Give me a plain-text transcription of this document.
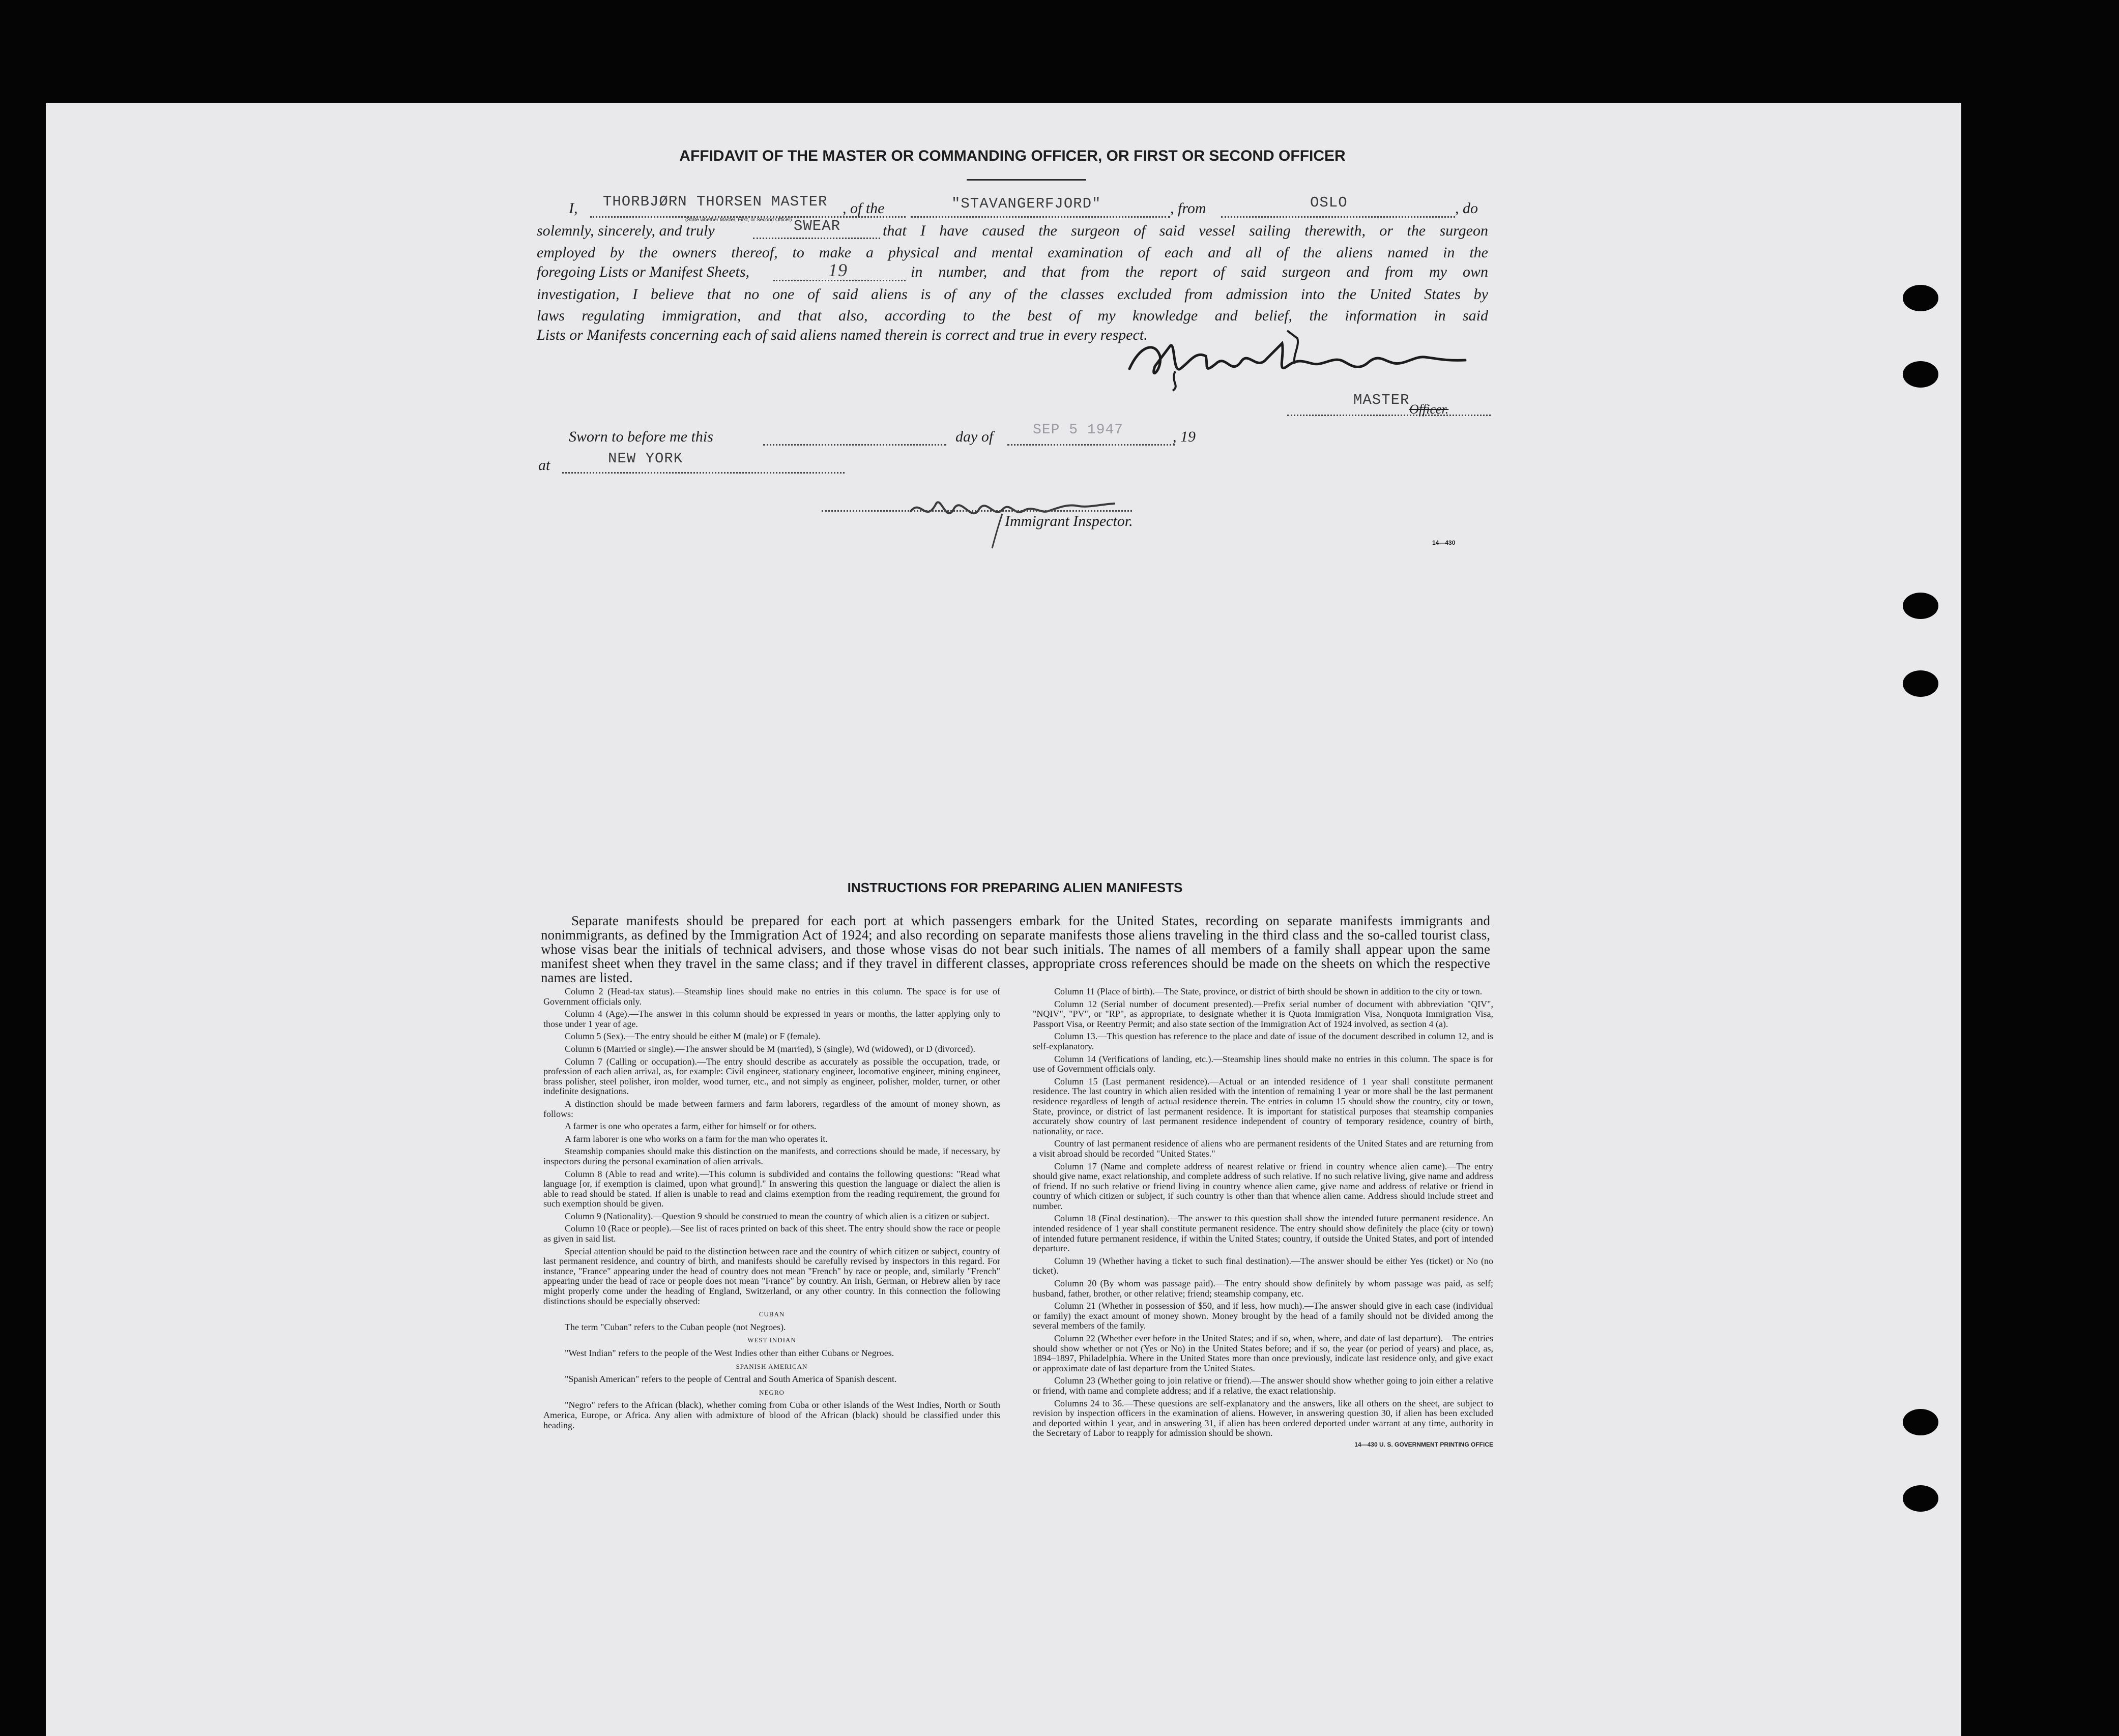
AFFIDAVIT OF THE MASTER OR COMMANDING OFFICER, OR FIRST OR SECOND OFFICER
I, THORBJØRN THORSEN MASTER
(State whether Master, First, or Second Officer)
, of the	"STAVANGERFJORD"	, from	OSLO	, do
solemnly, sincerely, and truly	SWEAR	that I have caused the surgeon of said vessel sailing therewith, or the surgeon
employed by the owners thereof, to make a physical and mental examination of each and all of the aliens named in the
foregoing Lists or Manifest Sheets,	19	in number, and that from the report of said surgeon and from my own
investigation, I believe that no one of said aliens is of any of the classes excluded from admission into the United States by
laws regulating immigration, and that also, according to the best of my knowledge and belief, the information in said
Lists or Manifests concerning each of said aliens named therein is correct and true in every respect.
MASTER
Officer.
Sworn to before me this	day of	SEP 5 1947	, 19
at	NEW YORK
Immigrant Inspector.
14—430
INSTRUCTIONS FOR PREPARING ALIEN MANIFESTS
Separate manifests should be prepared for each port at which passengers embark for the United States, recording on separate manifests immigrants and nonimmigrants, as defined by the Immigration Act of 1924; and also recording on separate manifests those aliens traveling in the third class and the so-called tourist class, whose visas bear the initials of technical advisers, and those whose visas do not bear such initials. The names of all members of a family shall appear upon the same manifest sheet when they travel in the same class; and if they travel in different classes, appropriate cross references should be made on the sheets on which the respective names are listed.

Column 2 (Head-tax status).—Steamship lines should make no entries in this column. The space is for use of Government officials only.

Column 4 (Age).—The answer in this column should be expressed in years or months, the latter applying only to those under 1 year of age.

Column 5 (Sex).—The entry should be either M (male) or F (female).

Column 6 (Married or single).—The answer should be M (married), S (single), Wd (widowed), or D (divorced).

Column 7 (Calling or occupation).—The entry should describe as accurately as possible the occupation, trade, or profession of each alien arrival, as, for example: Civil engineer, stationary engineer, locomotive engineer, mining engineer, brass polisher, steel polisher, iron molder, wood turner, etc., and not simply as engineer, polisher, molder, turner, or other indefinite designations.

A distinction should be made between farmers and farm laborers, regardless of the amount of money shown, as follows:

A farmer is one who operates a farm, either for himself or for others.

A farm laborer is one who works on a farm for the man who operates it.

Steamship companies should make this distinction on the manifests, and corrections should be made, if necessary, by inspectors during the personal examination of alien arrivals.

Column 8 (Able to read and write).—This column is subdivided and contains the following questions: "Read what language [or, if exemption is claimed, upon what ground]." In answering this question the language or dialect the alien is able to read should be stated. If alien is unable to read and claims exemption from the reading requirement, the ground for such exemption should be given.

Column 9 (Nationality).—Question 9 should be construed to mean the country of which alien is a citizen or subject.

Column 10 (Race or people).—See list of races printed on back of this sheet. The entry should show the race or people as given in said list.

Special attention should be paid to the distinction between race and the country of which citizen or subject, country of last permanent residence, and country of birth, and manifests should be carefully revised by inspectors in this regard. For instance, "France" appearing under the head of country does not mean "French" by race or people, and, similarly "French" appearing under the head of race or people does not mean "France" by country. An Irish, German, or Hebrew alien by race might properly come under the heading of England, Switzerland, or any other country. In this connection the following distinctions should be especially observed:

CUBAN

The term "Cuban" refers to the Cuban people (not Negroes).

WEST INDIAN

"West Indian" refers to the people of the West Indies other than either Cubans or Negroes.

SPANISH AMERICAN

"Spanish American" refers to the people of Central and South America of Spanish descent.

NEGRO

"Negro" refers to the African (black), whether coming from Cuba or other islands of the West Indies, North or South America, Europe, or Africa. Any alien with admixture of blood of the African (black) should be classified under this heading.

Column 11 (Place of birth).—The State, province, or district of birth should be shown in addition to the city or town.

Column 12 (Serial number of document presented).—Prefix serial number of document with abbreviation "QIV", "NQIV", "PV", or "RP", as appropriate, to designate whether it is Quota Immigration Visa, Nonquota Immigration Visa, Passport Visa, or Reentry Permit; and also state section of the Immigration Act of 1924 involved, as section 4 (a).

Column 13.—This question has reference to the place and date of issue of the document described in column 12, and is self-explanatory.

Column 14 (Verifications of landing, etc.).—Steamship lines should make no entries in this column. The space is for use of Government officials only.

Column 15 (Last permanent residence).—Actual or an intended residence of 1 year shall constitute permanent residence. The last country in which alien resided with the intention of remaining 1 year or more shall be the last permanent residence regardless of length of actual residence therein. The entries in column 15 should show the country, city or town, State, province, or district of last permanent residence. It is important for statistical purposes that steamship companies accurately show country of last permanent residence independent of country of temporary residence, country of birth, nationality, or race.

Country of last permanent residence of aliens who are permanent residents of the United States and are returning from a visit abroad should be recorded "United States."

Column 17 (Name and complete address of nearest relative or friend in country whence alien came).—The entry should give name, exact relationship, and complete address of such relative. If no such relative living, give name and address of friend. If no such relative or friend living in country whence alien came, give name and address of relative or friend in country of which citizen or subject, if such country is other than that whence alien came. Address should include street and number.

Column 18 (Final destination).—The answer to this question shall show the intended future permanent residence. An intended residence of 1 year shall constitute permanent residence. The entry should show definitely the place (city or town) of intended future permanent residence, if within the United States; country, if outside the United States, and port of intended departure.

Column 19 (Whether having a ticket to such final destination).—The answer should be either Yes (ticket) or No (no ticket).

Column 20 (By whom was passage paid).—The entry should show definitely by whom passage was paid, as self; husband, father, brother, or other relative; friend; steamship company, etc.

Column 21 (Whether in possession of $50, and if less, how much).—The answer should give in each case (individual or family) the exact amount of money shown. Money brought by the head of a family should not be divided among the several members of the family.

Column 22 (Whether ever before in the United States; and if so, when, where, and date of last departure).—The entries should show whether or not (Yes or No) in the United States before; and if so, the year (or period of years) and place, as, 1894–1897, Philadelphia. Where in the United States more than once previously, indicate last residence only, and give exact or approximate date of last departure from the United States.

Column 23 (Whether going to join relative or friend).—The answer should show whether going to join either a relative or friend, with name and complete address; and if a relative, the exact relationship.

Columns 24 to 36.—These questions are self-explanatory and the answers, like all others on the sheet, are subject to revision by inspection officers in the examination of aliens. However, in answering question 30, if alien has been excluded and deported within 1 year, and in answering 31, if alien has been ordered deported under warrant at any time, authority in the Secretary of Labor to reapply for admission should be shown.

14—430 U. S. GOVERNMENT PRINTING OFFICE
